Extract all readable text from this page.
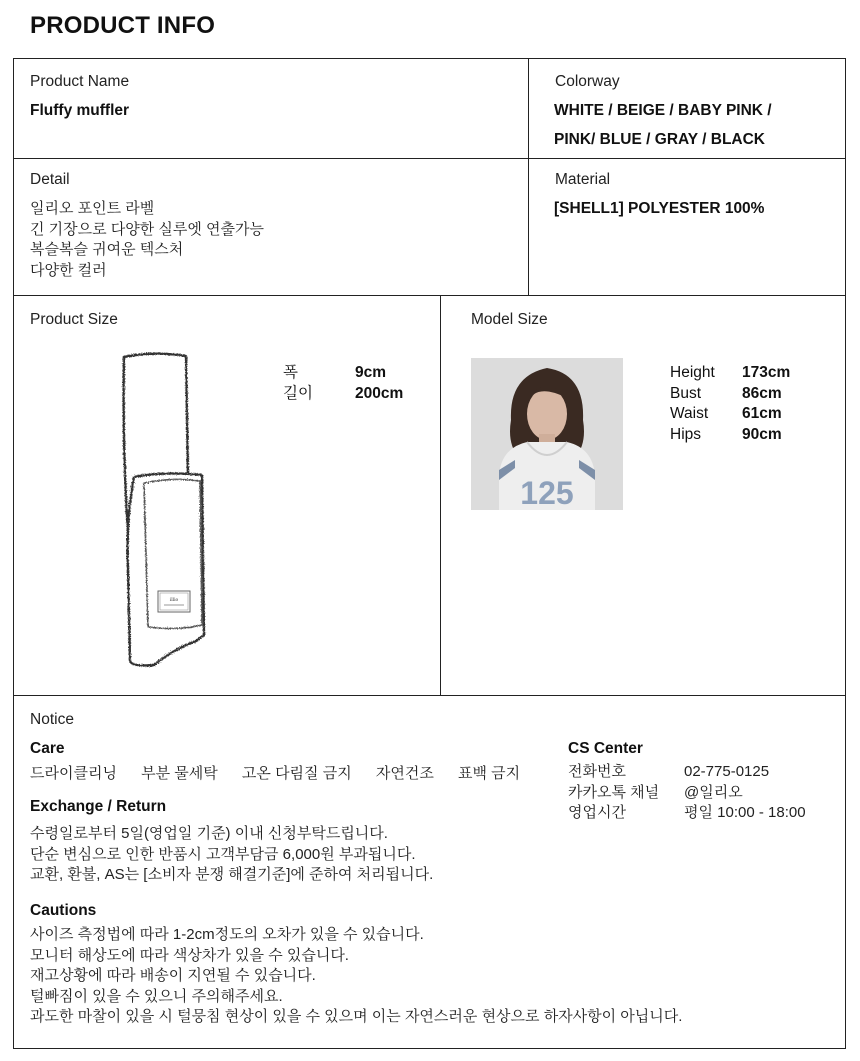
PRODUCT INFO
Product Name
Fluffy muffler
Colorway
WHITE / BEIGE / BABY PINK /
PINK/ BLUE / GRAY / BLACK
Detail
일리오 포인트 라벨
긴 기장으로 다양한 실루엣 연출가능
복슬복슬 귀여운 텍스처
다양한 컬러
Material
[SHELL1] POLYESTER 100%
Product Size
illio
폭	9cm
길이	200cm
Model Size
125
Height 173cm
Bust	86cm
Waist 61cm
Hips	90cm
Notice
Care
드라이클리닝 부분 물세탁 고온 다림질 금지 자연건조 표백 금지
Exchange / Return
수령일로부터 5일(영업일 기준) 이내 신청부탁드립니다.
단순 변심으로 인한 반품시 고객부담금 6,000원 부과됩니다.
교환, 환불, AS는 [소비자 분쟁 해결기준]에 준하여 처리됩니다.
Cautions
사이즈 측정법에 따라 1-2cm정도의 오차가 있을 수 있습니다.
모니터 해상도에 따라 색상차가 있을 수 있습니다.
재고상황에 따라 배송이 지연될 수 있습니다.
털빠짐이 있을 수 있으니 주의해주세요.
과도한 마찰이 있을 시 털뭉침 현상이 있을 수 있으며 이는 자연스러운 현상으로 하자사항이 아닙니다.
CS Center
전화번호	02-775-0125
카카오톡 채널 @일리오
영업시간	평일 10:00 - 18:00
